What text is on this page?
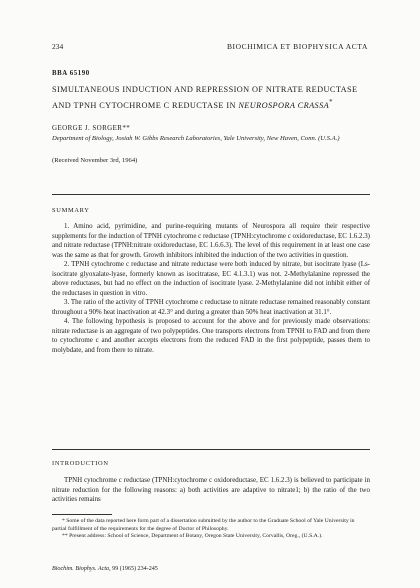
234	BIOCHIMICA ET BIOPHYSICA ACTA
BBA 65190
SIMULTANEOUS INDUCTION AND REPRESSION OF NITRATE REDUCTASE AND TPNH CYTOCHROME C REDUCTASE IN NEUROSPORA CRASSA*
GEORGE J. SORGER**
Department of Biology, Josiah W. Gibbs Research Laboratories, Yale University, New Haven, Conn. (U.S.A.)
(Received November 3rd, 1964)
SUMMARY

1. Amino acid, pyrimidine, and purine-requiring mutants of Neurospora all require their respective supplements for the induction of TPNH cytochrome c reductase (TPNH:cytochrome c oxidoreductase, EC 1.6.2.3) and nitrate reductase (TPNH:nitrate oxidoreductase, EC 1.6.6.3). The level of this requirement in at least one case was the same as that for growth. Growth inhibitors inhibited the induction of the two activities in question.

2. TPNH cytochrome c reductase and nitrate reductase were both induced by nitrate, but isocitrate lyase (Ls-isocitrate glyoxalate-lyase, formerly known as isocitratase, EC 4.1.3.1) was not. 2-Methylalanine repressed the above reductases, but had no effect on the induction of isocitrate lyase. 2-Methylalanine did not inhibit either of the reductases in question in vitro.

3. The ratio of the activity of TPNH cytochrome c reductase to nitrate reductase remained reasonably constant throughout a 90% heat inactivation at 42.3° and during a greater than 50% heat inactivation at 31.1°.

4. The following hypothesis is proposed to account for the above and for previously made observations: nitrate reductase is an aggregate of two polypeptides. One transports electrons from TPNH to FAD and from there to cytochrome c and another accepts electrons from the reduced FAD in the first polypeptide, passes them to molybdate, and from there to nitrate.

INTRODUCTION

TPNH cytochrome c reductase (TPNH:cytochrome c oxidoreductase, EC 1.6.2.3) is believed to participate in nitrate reduction for the following reasons: a) both activities are adaptive to nitrate1; b) the ratio of the two activities remains

* Some of the data reported here form part of a dissertation submitted by the author to the Graduate School of Yale University in partial fulfillment of the requirements for the degree of Doctor of Philosophy.

** Present address: School of Science, Department of Botany, Oregon State University, Corvallis, Oreg., (U.S.A.).

Biochim. Biophys. Acta, 99 (1965) 234-245
